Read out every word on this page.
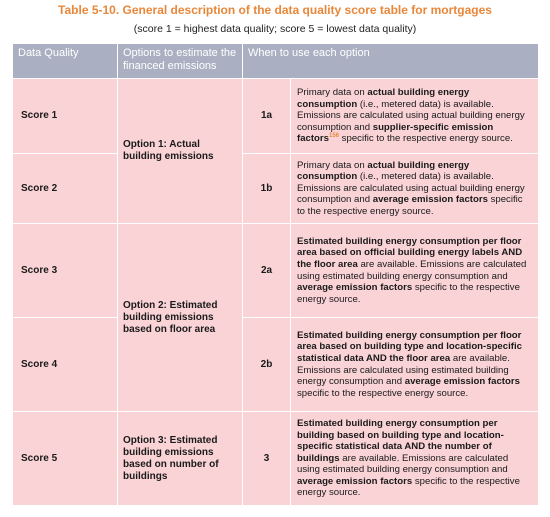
Table 5-10. General description of the data quality score table for mortgages
(score 1 = highest data quality; score 5 = lowest data quality)
Data Quality	Options to estimate the financed emissions	When to use each option	
Score 1	Option 1: Actual building emissions	1a	Primary data on actual building energy consumption (i.e., metered data) is available. Emissions are calculated using actual building energy consumption and supplier-specific emission factors$^{156}$ specific to the respective energy source.
Score 2		1b	Primary data on actual building energy consumption (i.e., metered data) is available. Emissions are calculated using actual building energy consumption and average emission factors specific to the respective energy source.
Score 3	Option 2: Estimated building emissions based on floor area	2a	Estimated building energy consumption per floor area based on official building energy labels AND the floor area are available. Emissions are calculated using estimated building energy consumption and average emission factors specific to the respective energy source.
Score 4		2b	Estimated building energy consumption per floor area based on building type and location-specific statistical data AND the floor area are available. Emissions are calculated using estimated building energy consumption and average emission factors specific to the respective energy source.
Score 5	Option 3: Estimated building emissions based on number of buildings	3	Estimated building energy consumption per building based on building type and location-specific statistical data AND the number of buildings are available. Emissions are calculated using estimated building energy consumption and average emission factors specific to the respective energy source.
